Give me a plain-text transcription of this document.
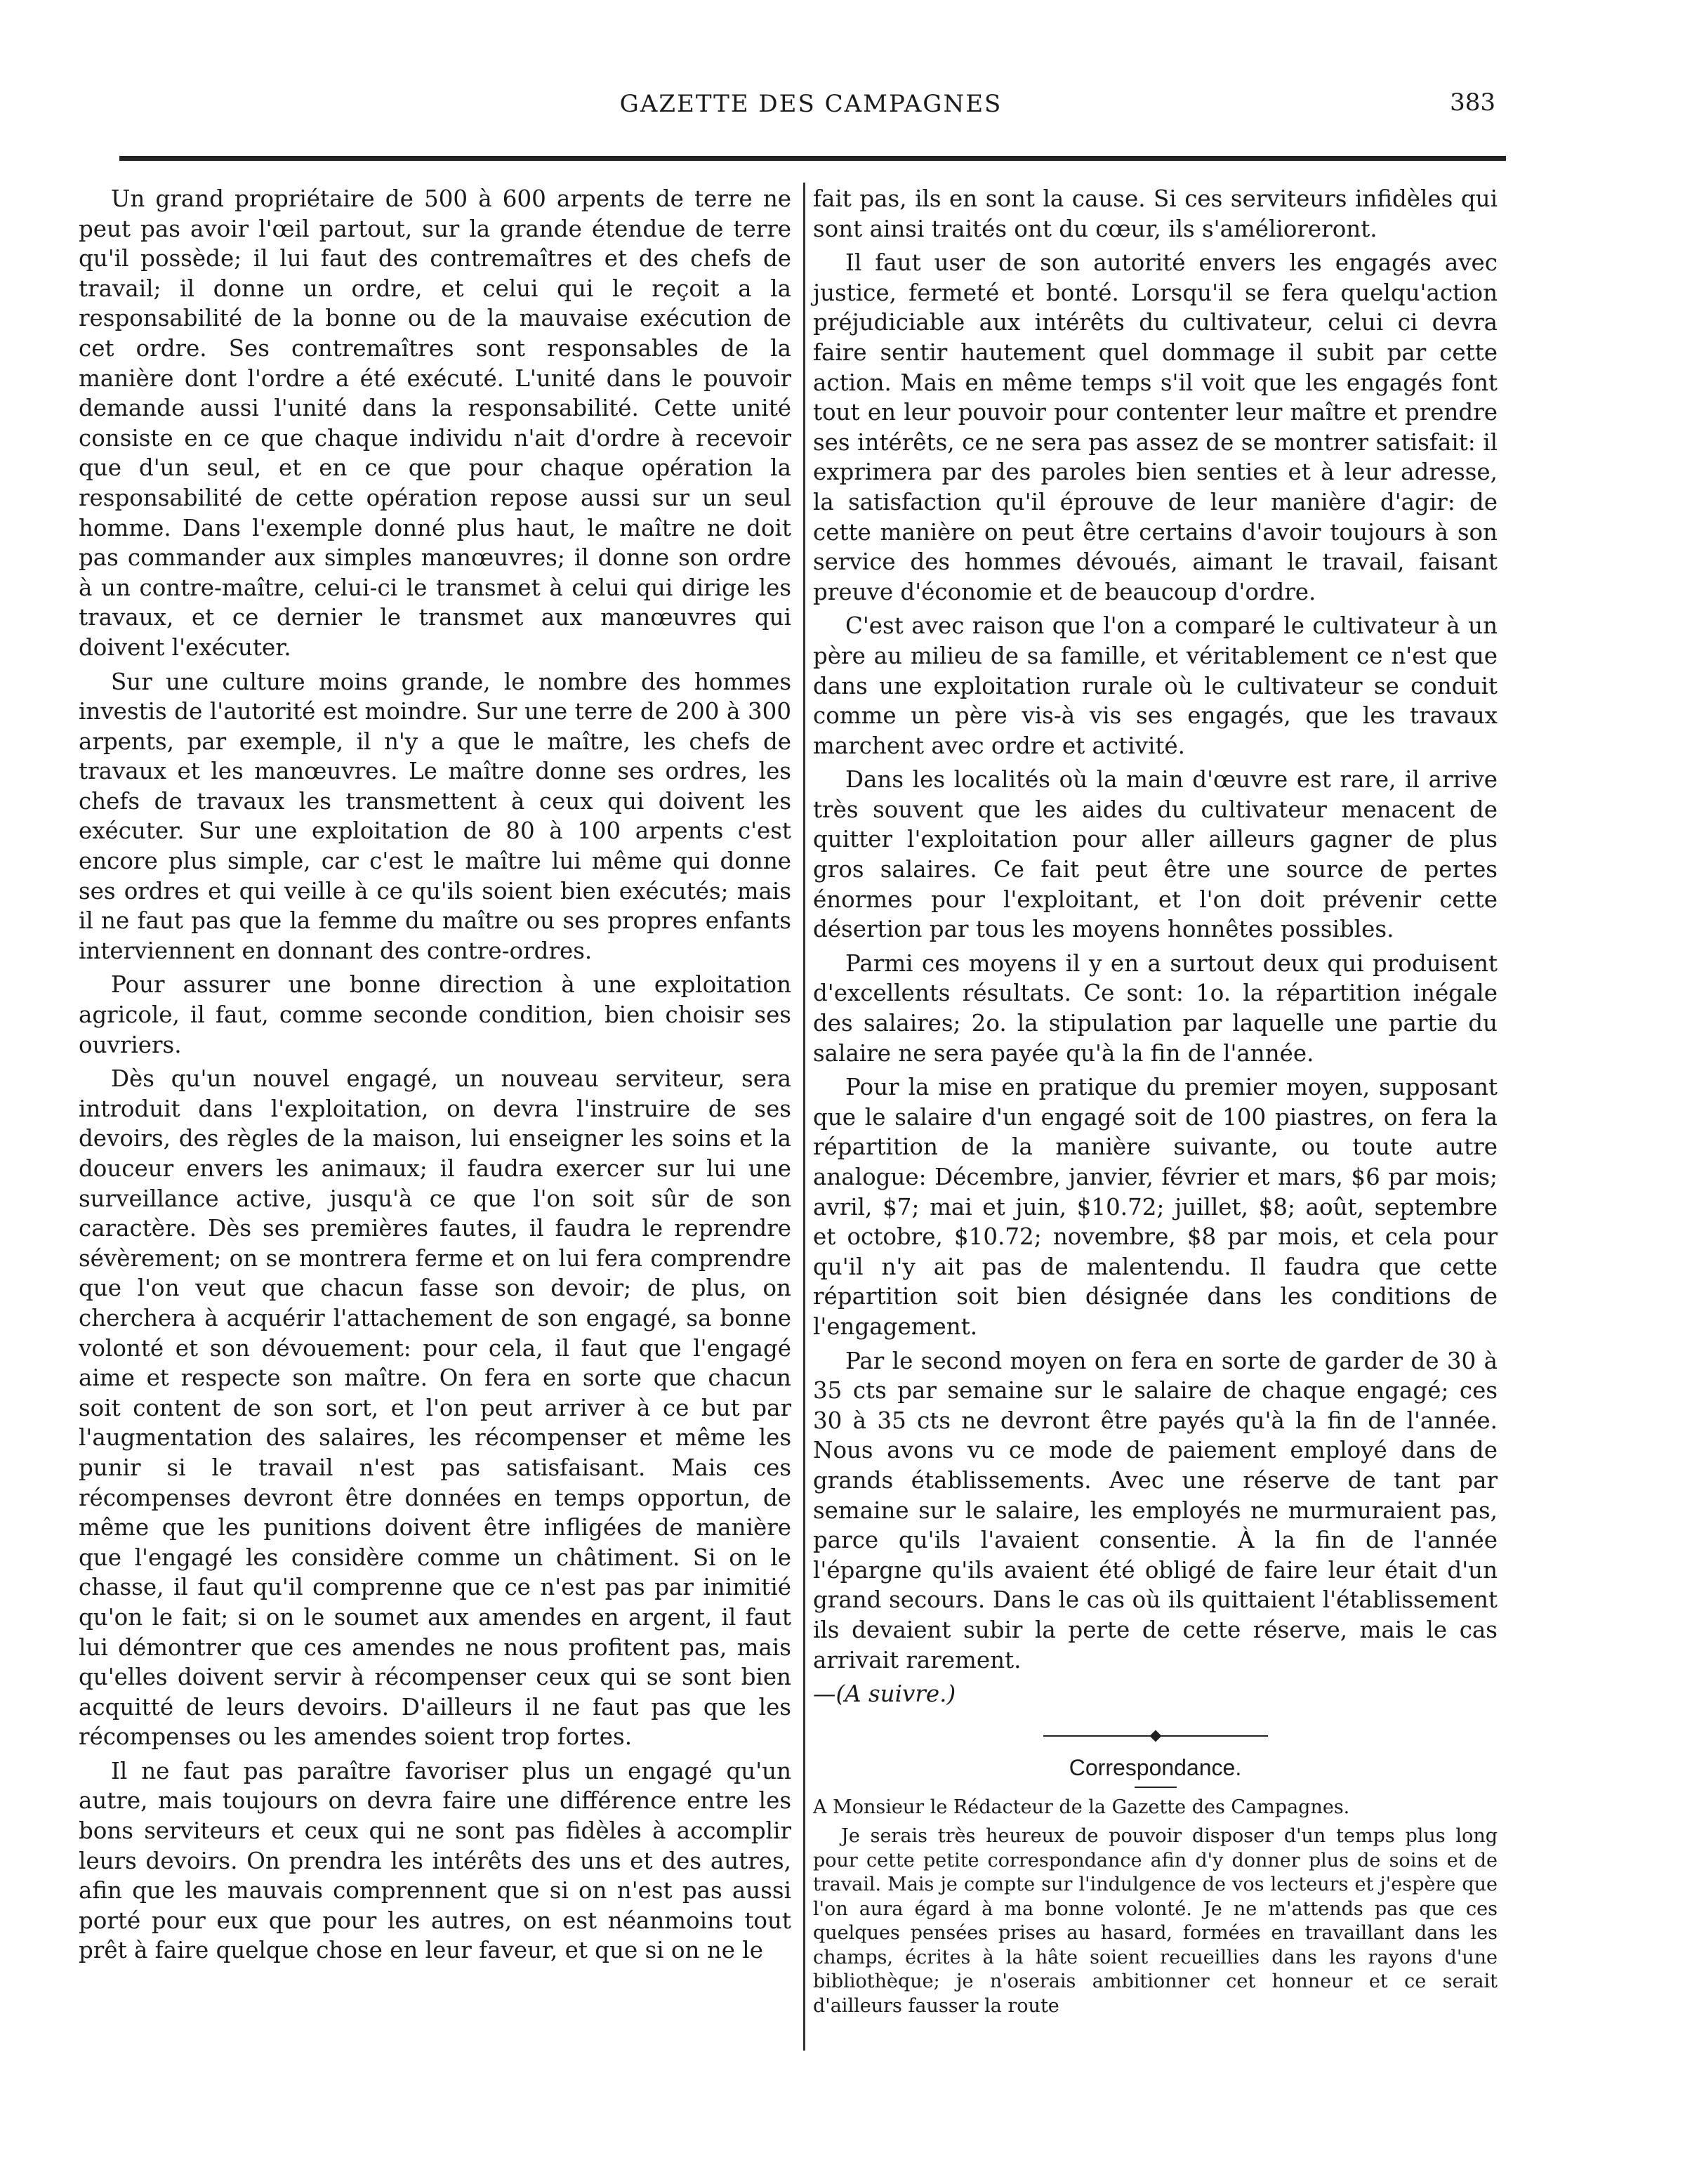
GAZETTE DES CAMPAGNES	383

Un grand propriétaire de 500 à 600 arpents de terre ne peut pas avoir l'œil partout, sur la grande étendue de terre qu'il possède; il lui faut des contremaîtres et des chefs de travail; il donne un ordre, et celui qui le reçoit a la responsabilité de la bonne ou de la mauvaise exécution de cet ordre. Ses contremaîtres sont responsables de la manière dont l'ordre a été exécuté. L'unité dans le pouvoir demande aussi l'unité dans la responsabilité. Cette unité consiste en ce que chaque individu n'ait d'ordre à recevoir que d'un seul, et en ce que pour chaque opération la responsabilité de cette opération repose aussi sur un seul homme. Dans l'exemple donné plus haut, le maître ne doit pas commander aux simples manœuvres; il donne son ordre à un contre-maître, celui-ci le transmet à celui qui dirige les travaux, et ce dernier le transmet aux manœuvres qui doivent l'exécuter.

Sur une culture moins grande, le nombre des hommes investis de l'autorité est moindre. Sur une terre de 200 à 300 arpents, par exemple, il n'y a que le maître, les chefs de travaux et les manœuvres. Le maître donne ses ordres, les chefs de travaux les transmettent à ceux qui doivent les exécuter. Sur une exploitation de 80 à 100 arpents c'est encore plus simple, car c'est le maître lui même qui donne ses ordres et qui veille à ce qu'ils soient bien exécutés; mais il ne faut pas que la femme du maître ou ses propres enfants interviennent en donnant des contre-ordres.

Pour assurer une bonne direction à une exploitation agricole, il faut, comme seconde condition, bien choisir ses ouvriers.

Dès qu'un nouvel engagé, un nouveau serviteur, sera introduit dans l'exploitation, on devra l'instruire de ses devoirs, des règles de la maison, lui enseigner les soins et la douceur envers les animaux; il faudra exercer sur lui une surveillance active, jusqu'à ce que l'on soit sûr de son caractère. Dès ses premières fautes, il faudra le reprendre sévèrement; on se montrera ferme et on lui fera comprendre que l'on veut que chacun fasse son devoir; de plus, on cherchera à acquérir l'attachement de son engagé, sa bonne volonté et son dévouement: pour cela, il faut que l'engagé aime et respecte son maître. On fera en sorte que chacun soit content de son sort, et l'on peut arriver à ce but par l'augmentation des salaires, les récompenser et même les punir si le travail n'est pas satisfaisant. Mais ces récompenses devront être données en temps opportun, de même que les punitions doivent être infligées de manière que l'engagé les considère comme un châtiment. Si on le chasse, il faut qu'il comprenne que ce n'est pas par inimitié qu'on le fait; si on le soumet aux amendes en argent, il faut lui démontrer que ces amendes ne nous profitent pas, mais qu'elles doivent servir à récompenser ceux qui se sont bien acquitté de leurs devoirs. D'ailleurs il ne faut pas que les récompenses ou les amendes soient trop fortes.

Il ne faut pas paraître favoriser plus un engagé qu'un autre, mais toujours on devra faire une différence entre les bons serviteurs et ceux qui ne sont pas fidèles à accomplir leurs devoirs. On prendra les intérêts des uns et des autres, afin que les mauvais comprennent que si on n'est pas aussi porté pour eux que pour les autres, on est néanmoins tout prêt à faire quelque chose en leur faveur, et que si on ne le

fait pas, ils en sont la cause. Si ces serviteurs infidèles qui sont ainsi traités ont du cœur, ils s'amélioreront.

Il faut user de son autorité envers les engagés avec justice, fermeté et bonté. Lorsqu'il se fera quelqu'action préjudiciable aux intérêts du cultivateur, celui ci devra faire sentir hautement quel dommage il subit par cette action. Mais en même temps s'il voit que les engagés font tout en leur pouvoir pour contenter leur maître et prendre ses intérêts, ce ne sera pas assez de se montrer satisfait: il exprimera par des paroles bien senties et à leur adresse, la satisfaction qu'il éprouve de leur manière d'agir: de cette manière on peut être certains d'avoir toujours à son service des hommes dévoués, aimant le travail, faisant preuve d'économie et de beaucoup d'ordre.

C'est avec raison que l'on a comparé le cultivateur à un père au milieu de sa famille, et véritablement ce n'est que dans une exploitation rurale où le cultivateur se conduit comme un père vis-à vis ses engagés, que les travaux marchent avec ordre et activité.

Dans les localités où la main d'œuvre est rare, il arrive très souvent que les aides du cultivateur menacent de quitter l'exploitation pour aller ailleurs gagner de plus gros salaires. Ce fait peut être une source de pertes énormes pour l'exploitant, et l'on doit prévenir cette désertion par tous les moyens honnêtes possibles.

Parmi ces moyens il y en a surtout deux qui produisent d'excellents résultats. Ce sont: 1o. la répartition inégale des salaires; 2o. la stipulation par laquelle une partie du salaire ne sera payée qu'à la fin de l'année.

Pour la mise en pratique du premier moyen, supposant que le salaire d'un engagé soit de 100 piastres, on fera la répartition de la manière suivante, ou toute autre analogue: Décembre, janvier, février et mars, $6 par mois; avril, $7; mai et juin, $10.72; juillet, $8; août, septembre et octobre, $10.72; novembre, $8 par mois, et cela pour qu'il n'y ait pas de malentendu. Il faudra que cette répartition soit bien désignée dans les conditions de l'engagement.

Par le second moyen on fera en sorte de garder de 30 à 35 cts par semaine sur le salaire de chaque engagé; ces 30 à 35 cts ne devront être payés qu'à la fin de l'année. Nous avons vu ce mode de paiement employé dans de grands établissements. Avec une réserve de tant par semaine sur le salaire, les employés ne murmuraient pas, parce qu'ils l'avaient consentie. À la fin de l'année l'épargne qu'ils avaient été obligé de faire leur était d'un grand secours. Dans le cas où ils quittaient l'établissement ils devaient subir la perte de cette réserve, mais le cas arrivait rarement.

—(A suivre.)

Correspondance.

A Monsieur le Rédacteur de la Gazette des Campagnes.

Je serais très heureux de pouvoir disposer d'un temps plus long pour cette petite correspondance afin d'y donner plus de soins et de travail. Mais je compte sur l'indulgence de vos lecteurs et j'espère que l'on aura égard à ma bonne volonté. Je ne m'attends pas que ces quelques pensées prises au hasard, formées en travaillant dans les champs, écrites à la hâte soient recueillies dans les rayons d'une bibliothèque; je n'oserais ambitionner cet honneur et ce serait d'ailleurs fausser la route
